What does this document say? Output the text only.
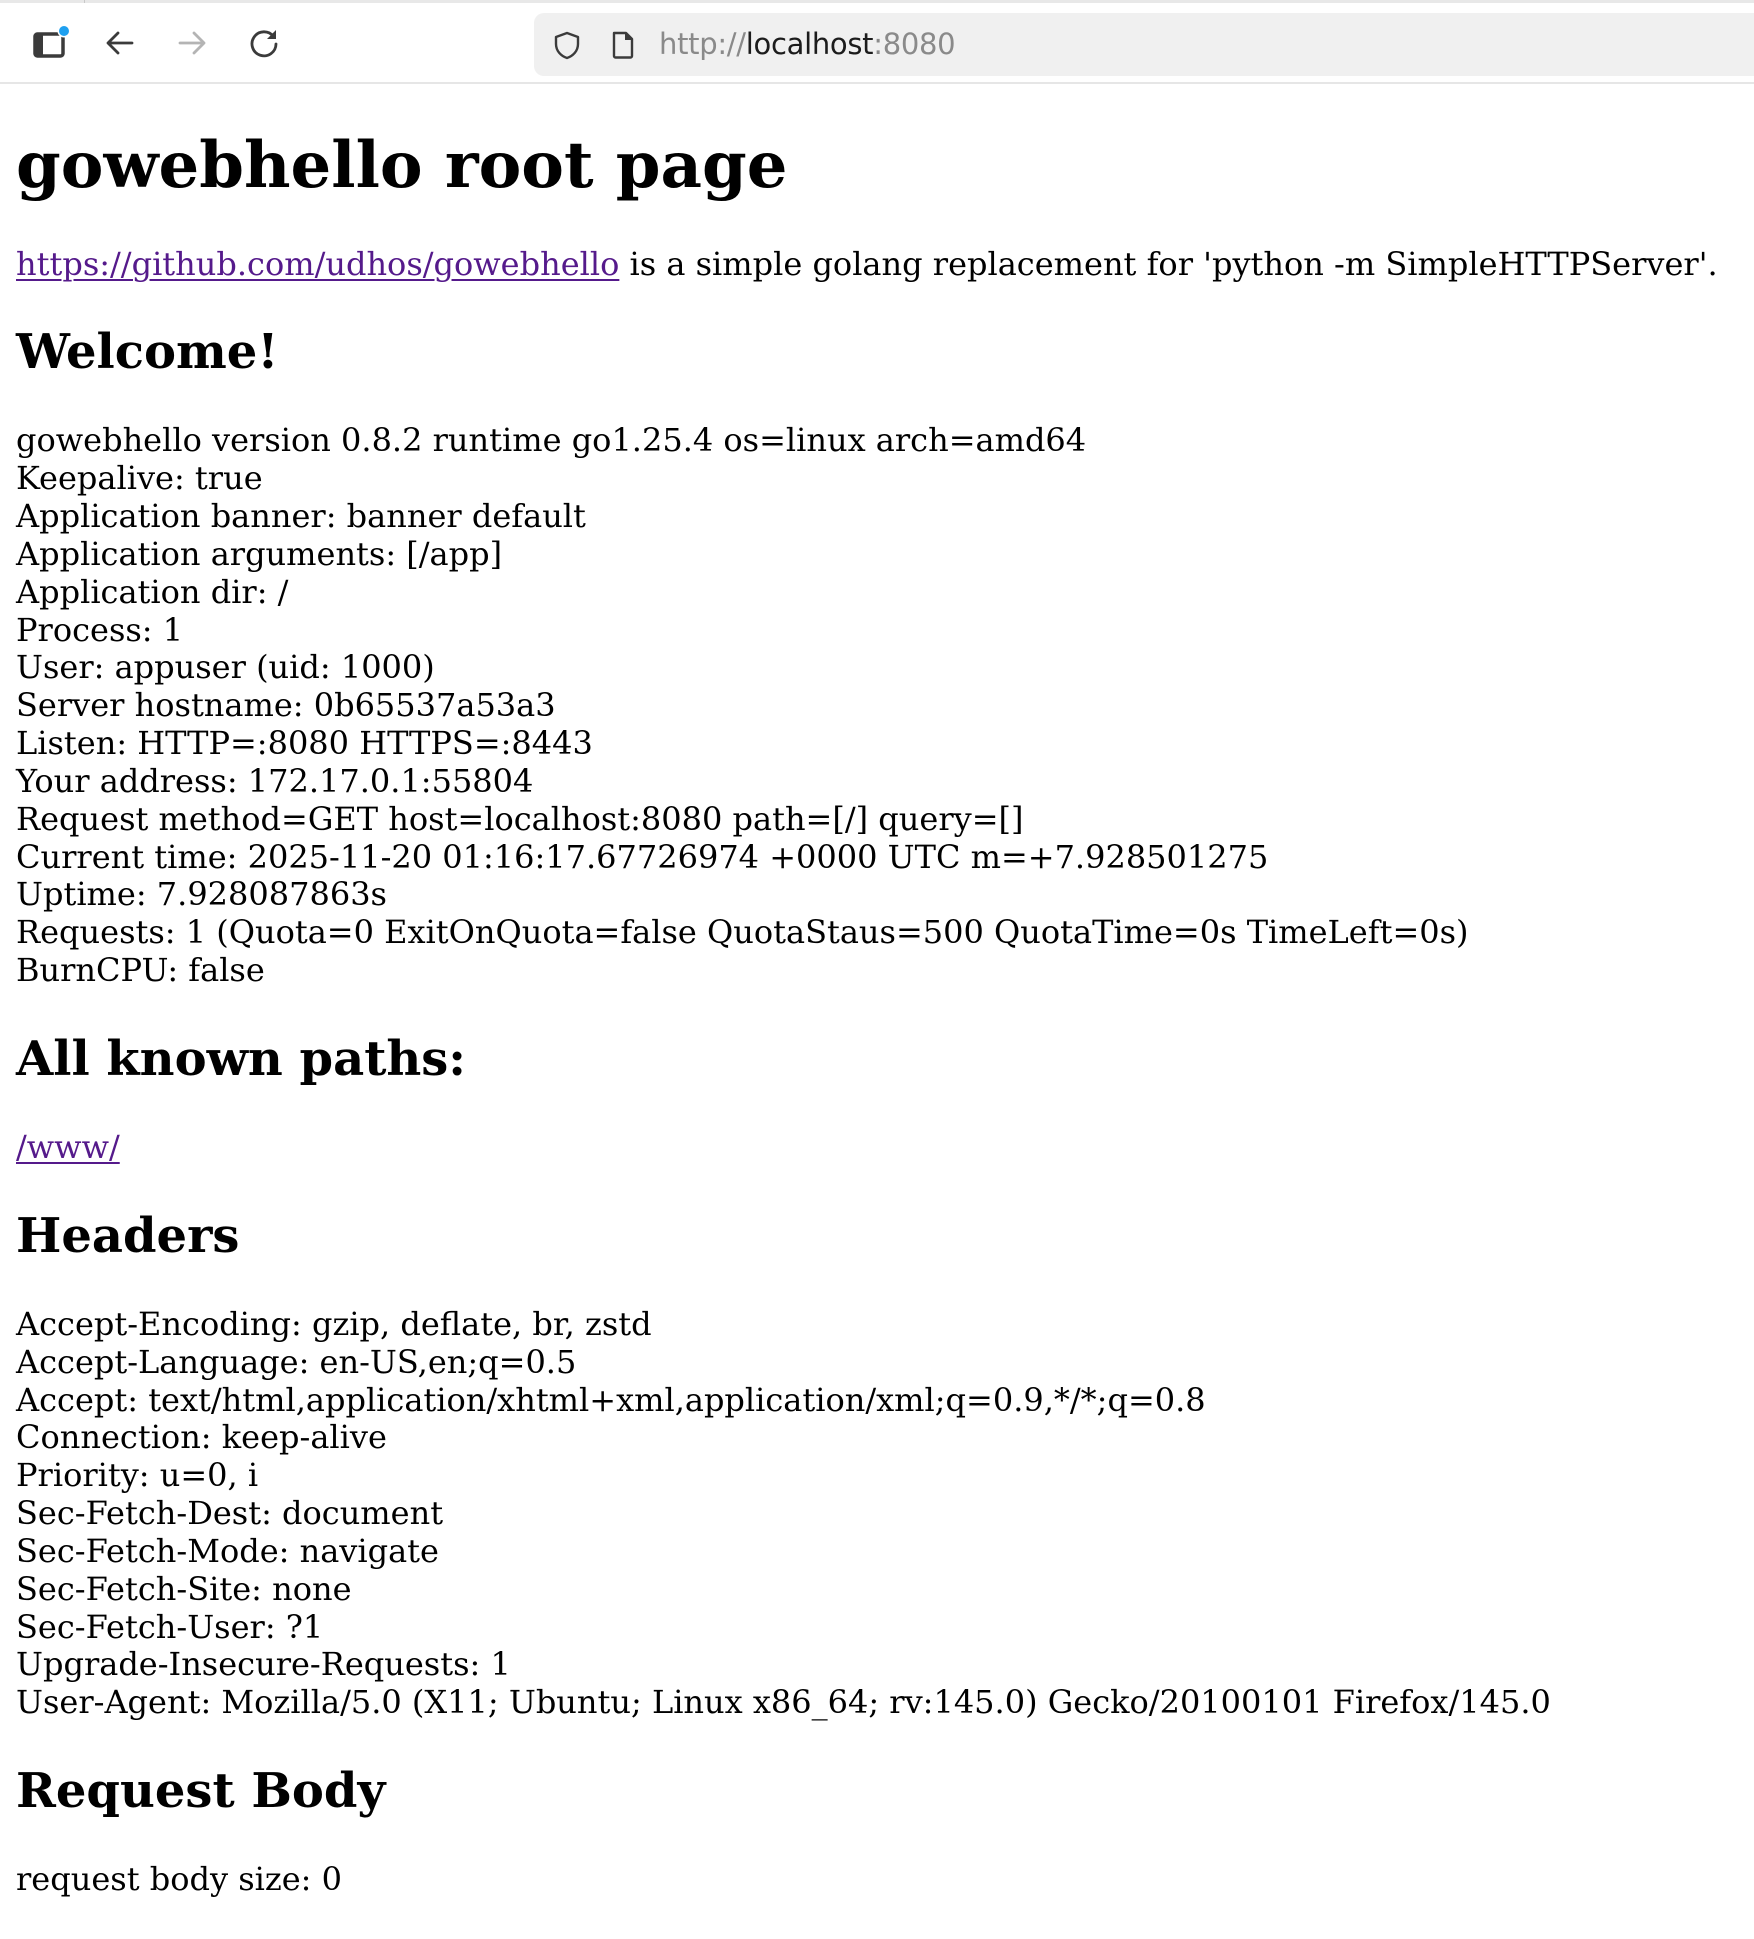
http://localhost:8080
gowebhello root page

https://github.com/udhos/gowebhello is a simple golang replacement for 'python -m SimpleHTTPServer'.

Welcome!

gowebhello version 0.8.2 runtime go1.25.4 os=linux arch=amd64
Keepalive: true
Application banner: banner default
Application arguments: [/app]
Application dir: /
Process: 1
User: appuser (uid: 1000)
Server hostname: 0b65537a53a3
Listen: HTTP=:8080 HTTPS=:8443
Your address: 172.17.0.1:55804
Request method=GET host=localhost:8080 path=[/] query=[]
Current time: 2025-11-20 01:16:17.67726974 +0000 UTC m=+7.928501275
Uptime: 7.928087863s
Requests: 1 (Quota=0 ExitOnQuota=false QuotaStaus=500 QuotaTime=0s TimeLeft=0s)
BurnCPU: false

All known paths:

/www/

Headers

Accept-Encoding: gzip, deflate, br, zstd
Accept-Language: en-US,en;q=0.5
Accept: text/html,application/xhtml+xml,application/xml;q=0.9,*/*;q=0.8
Connection: keep-alive
Priority: u=0, i
Sec-Fetch-Dest: document
Sec-Fetch-Mode: navigate
Sec-Fetch-Site: none
Sec-Fetch-User: ?1
Upgrade-Insecure-Requests: 1
User-Agent: Mozilla/5.0 (X11; Ubuntu; Linux x86_64; rv:145.0) Gecko/20100101 Firefox/145.0

Request Body

request body size: 0
